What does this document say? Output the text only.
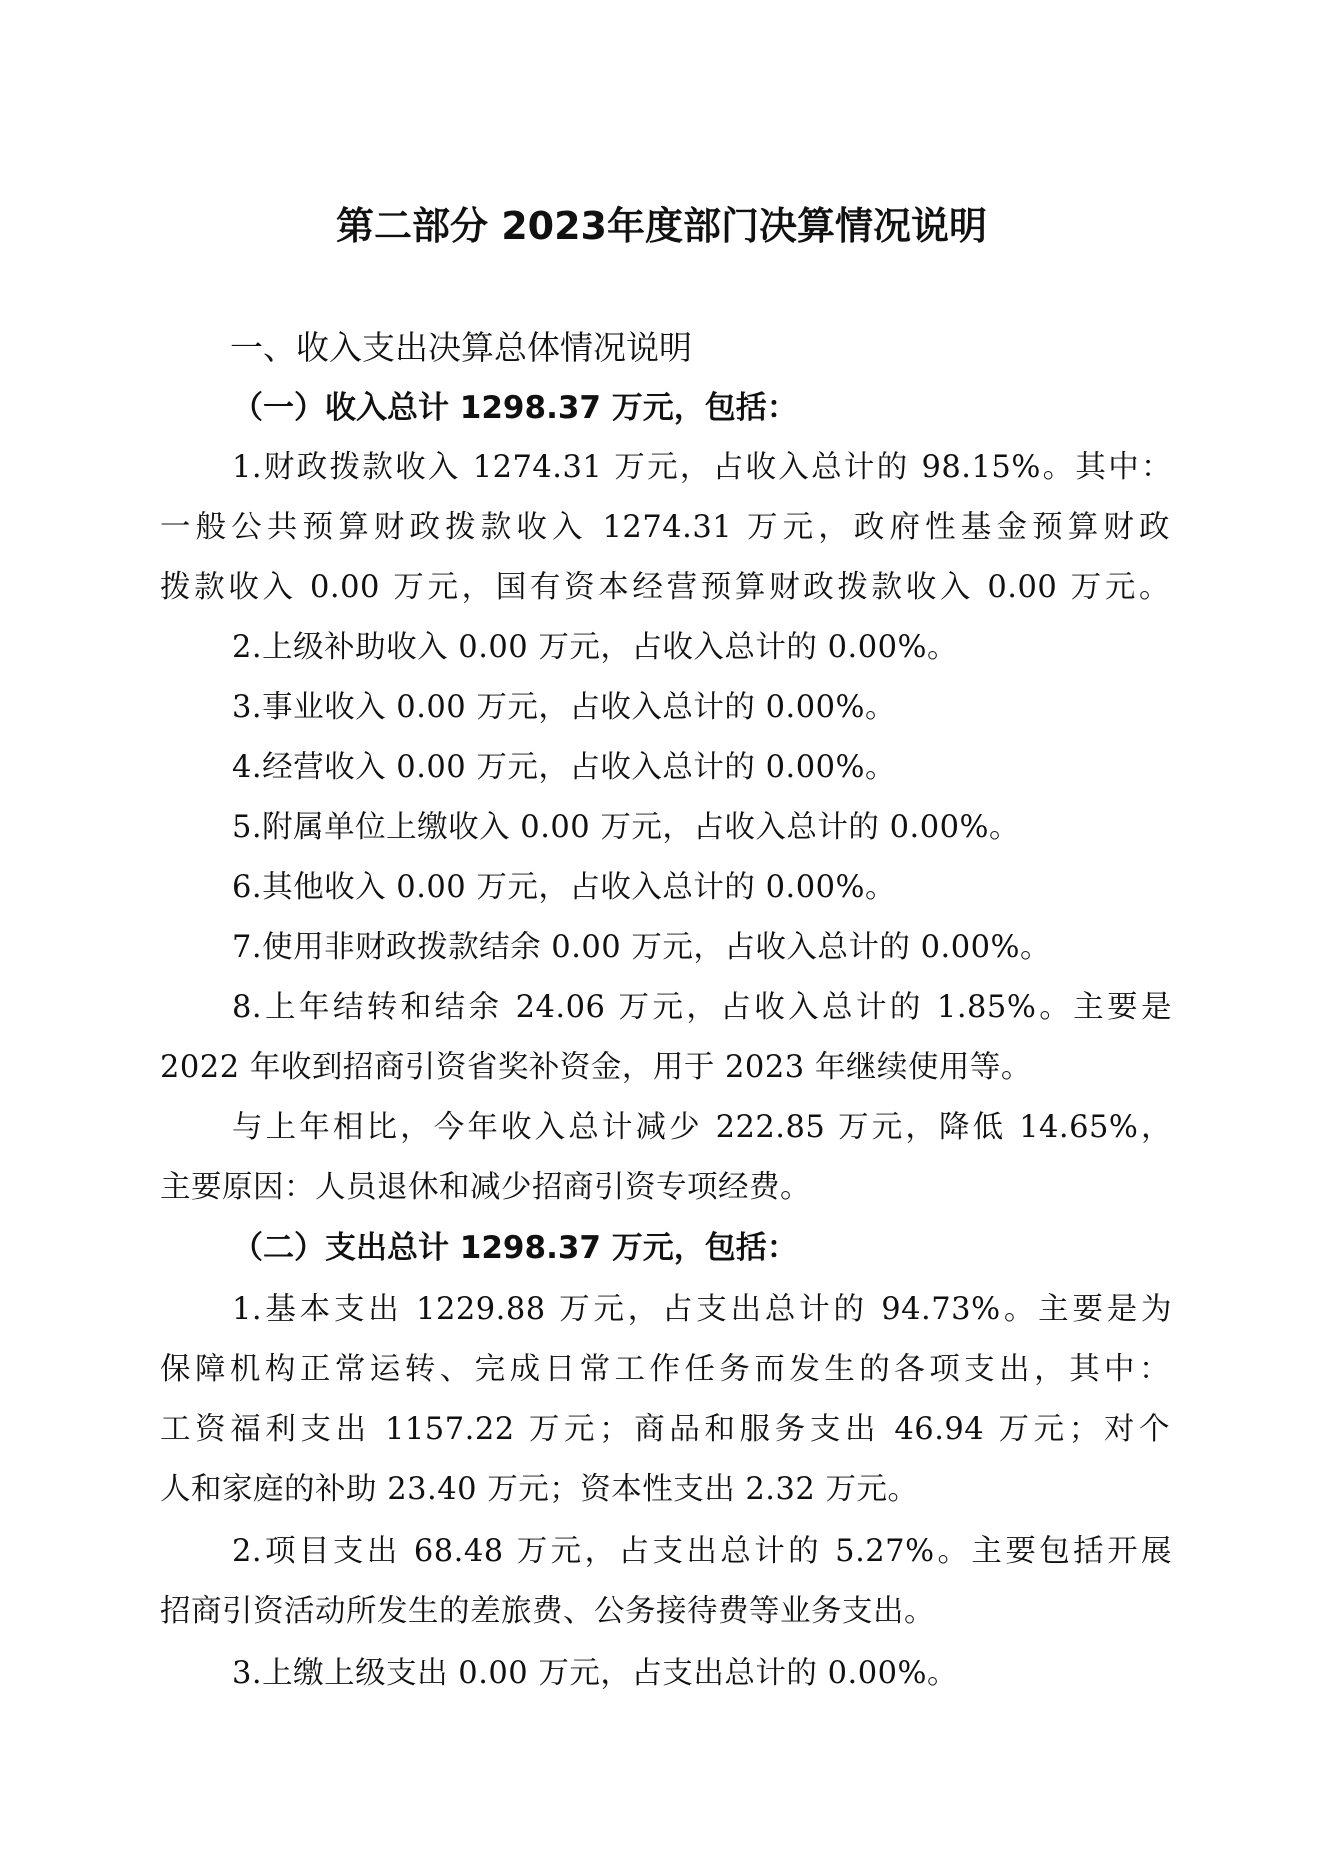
第二部分 2023年度部门决算情况说明
一、收入支出决算总体情况说明
（一）收入总计 1298.37 万元，包括：
1.财政拨款收入 1274.31 万元，占收入总计的 98.15%。其中：
一般公共预算财政拨款收入 1274.31 万元，政府性基金预算财政
拨款收入 0.00 万元，国有资本经营预算财政拨款收入 0.00 万元。
2.上级补助收入 0.00 万元，占收入总计的 0.00%。
3.事业收入 0.00 万元，占收入总计的 0.00%。
4.经营收入 0.00 万元，占收入总计的 0.00%。
5.附属单位上缴收入 0.00 万元，占收入总计的 0.00%。
6.其他收入 0.00 万元，占收入总计的 0.00%。
7.使用非财政拨款结余 0.00 万元，占收入总计的 0.00%。
8.上年结转和结余 24.06 万元，占收入总计的 1.85%。主要是
2022 年收到招商引资省奖补资金，用于 2023 年继续使用等。
与上年相比，今年收入总计减少 222.85 万元，降低 14.65%，
主要原因：人员退休和减少招商引资专项经费。
（二）支出总计 1298.37 万元，包括：
1.基本支出 1229.88 万元，占支出总计的 94.73%。主要是为
保障机构正常运转、完成日常工作任务而发生的各项支出，其中：
工资福利支出 1157.22 万元；商品和服务支出 46.94 万元；对个
人和家庭的补助 23.40 万元；资本性支出 2.32 万元。
2.项目支出 68.48 万元，占支出总计的 5.27%。主要包括开展
招商引资活动所发生的差旅费、公务接待费等业务支出。
3.上缴上级支出 0.00 万元，占支出总计的 0.00%。
